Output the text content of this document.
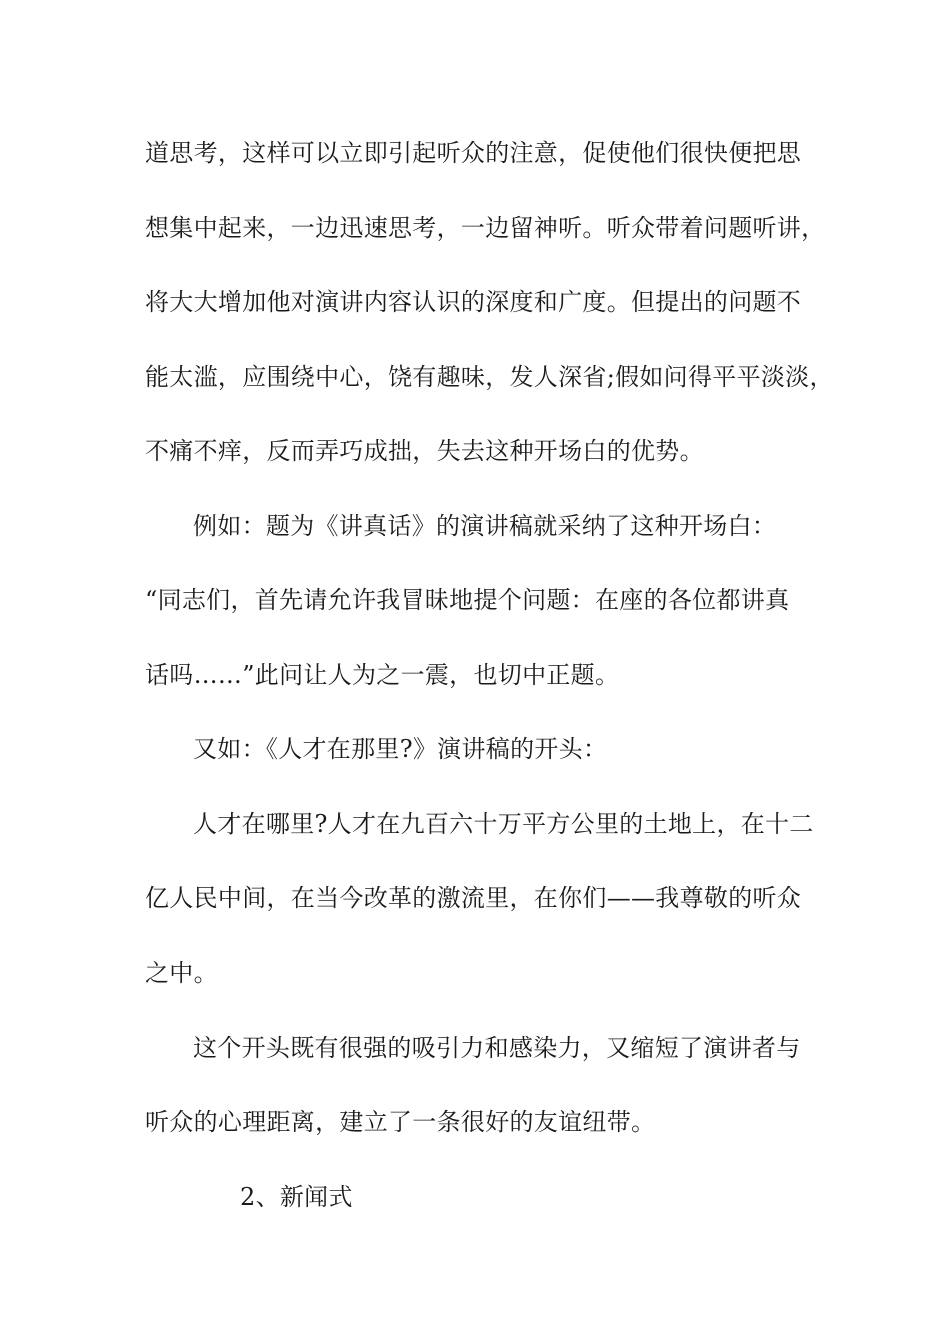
道思考，这样可以立即引起听众的注意，促使他们很快便把思
想集中起来，一边迅速思考，一边留神听。听众带着问题听讲，
将大大增加他对演讲内容认识的深度和广度。但提出的问题不
能太滥，应围绕中心，饶有趣味，发人深省;假如问得平平淡淡，
不痛不痒，反而弄巧成拙，失去这种开场白的优势。
例如：题为《讲真话》的演讲稿就采纳了这种开场白：
“同志们，首先请允许我冒昧地提个问题：在座的各位都讲真
话吗……”此问让人为之一震，也切中正题。
又如：《人才在那里?》演讲稿的开头：
人才在哪里?人才在九百六十万平方公里的土地上，在十二
亿人民中间，在当今改革的激流里，在你们——我尊敬的听众
之中。
这个开头既有很强的吸引力和感染力，又缩短了演讲者与
听众的心理距离，建立了一条很好的友谊纽带。
2、新闻式
